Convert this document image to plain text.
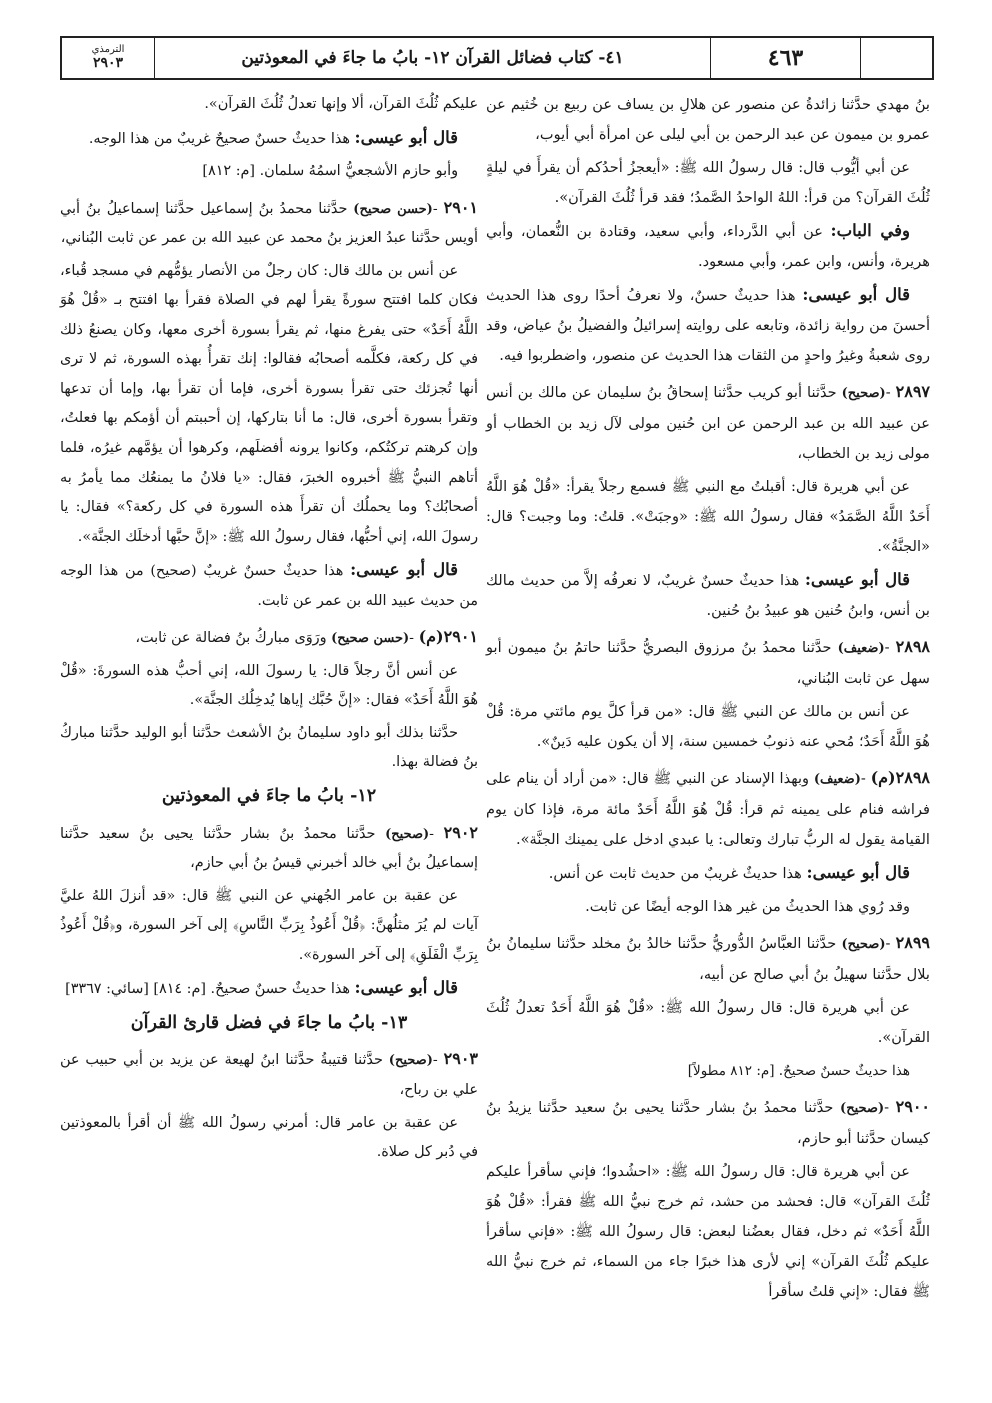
٤٦٣
٤١- كتاب فضائل القرآن ١٢- بابُ ما جاءَ في المعوذتين
الترمذي
٢٩٠٣

بنُ مهدي حدَّثنا زائدةُ عن منصور عن هلالِ بن يساف عن ربيع بن خُثيم عن عمرو بن ميمون عن عبد الرحمن بن أبي ليلى عن امرأة أبي أيوب،

عن أبي أيُّوب قال: قال رسولُ الله ﷺ: «أيعجزُ أحدُكم أن يقرأَ في ليلةٍ ثُلُثَ القرآن؟ من قرأ: اللهُ الواحدُ الصَّمدُ؛ فقد قرأ ثُلُثَ القرآن».

وفي الباب: عن أبي الدَّرداء، وأبي سعيد، وقتادة بن النُّعمان، وأبي هريرة، وأنس، وابن عمر، وأبي مسعود.

قال أبو عيسى: هذا حديثٌ حسنٌ، ولا نعرفُ أحدًا روى هذا الحديث أحسنَ من رواية زائدة، وتابعه على روايته إسرائيلُ والفضيلُ بنُ عياض، وقد روى شعبةُ وغيرُ واحدٍ من الثقات هذا الحديث عن منصور، واضطربوا فيه.

٢٨٩٧ -(صحيح) حدَّثنا أبو كريب حدَّثنا إسحاقُ بنُ سليمان عن مالك بن أنس عن عبيد الله بن عبد الرحمن عن ابن حُنين مولى لآل زيد بن الخطاب أو مولى زيد بن الخطاب،

عن أبي هريرة قال: أقبلتُ مع النبي ﷺ فسمع رجلاً يقرأ: «قُلْ هُوَ اللَّهُ أَحَدٌ اللَّهُ الصَّمَدُ» فقال رسولُ الله ﷺ: «وجبَتْ». قلتُ: وما وجبت؟ قال: «الجنَّةُ».

قال أبو عيسى: هذا حديثٌ حسنٌ غريبٌ، لا نعرفُه إلاَّ من حديث مالك بن أنس، وابنُ حُنين هو عبيدُ بنُ حُنين.

٢٨٩٨ -(ضعيف) حدَّثنا محمدُ بنُ مرزوق البصريُّ حدَّثنا حاتمُ بنُ ميمون أبو سهل عن ثابت البُناني،

عن أنس بن مالك عن النبي ﷺ قال: «من قرأ كلَّ يوم مائتي مرة: قُلْ هُوَ اللَّهُ أَحَدٌ؛ مُحي عنه ذنوبُ خمسين سنة، إلا أن يكون عليه دَينٌ».

٢٨٩٨(م) -(ضعيف) وبهذا الإسناد عن النبي ﷺ قال: «من أراد أن ينام على فراشه فنام على يمينه ثم قرأ: قُلْ هُوَ اللَّهُ أَحَدٌ مائة مرة، فإذا كان يوم القيامة يقول له الربُّ تبارك وتعالى: يا عبدي ادخل على يمينك الجنَّة».

قال أبو عيسى: هذا حديثٌ غريبٌ من حديث ثابت عن أنس.

وقد رُوي هذا الحديثُ من غير هذا الوجه أيضًا عن ثابت.

٢٨٩٩ -(صحيح) حدَّثنا العبَّاسُ الدُّوريُّ حدَّثنا خالدُ بنُ مخلد حدَّثنا سليمانُ بنُ بلال حدَّثنا سهيلُ بنُ أبي صالح عن أبيه،

عن أبي هريرة قال: قال رسولُ الله ﷺ: «قُلْ هُوَ اللَّهُ أَحَدٌ تعدلُ ثُلُثَ القرآن».

هذا حديثٌ حسنٌ صحيحٌ. [م: ٨١٢ مطولاً]

٢٩٠٠ -(صحيح) حدَّثنا محمدُ بنُ بشار حدَّثنا يحيى بنُ سعيد حدَّثنا يزيدُ بنُ كيسان حدَّثنا أبو حازم،

عن أبي هريرة قال: قال رسولُ الله ﷺ: «احشُدوا؛ فإني سأقرأ عليكم ثُلُثَ القرآن» قال: فحشد من حشد، ثم خرج نبيُّ الله ﷺ فقرأ: «قُلْ هُوَ اللَّهُ أَحَدٌ» ثم دخل، فقال بعضُنا لبعض: قال رسولُ الله ﷺ: «فإني سأقرأ عليكم ثُلُثَ القرآن» إني لأرى هذا خبرًا جاء من السماء، ثم خرج نبيُّ الله ﷺ فقال: «إني قلتُ سأقرأ

عليكم ثُلُثَ القرآن، ألا وإنها تعدلُ ثُلُثَ القرآن».

قال أبو عيسى: هذا حديثٌ حسنٌ صحيحٌ غريبٌ من هذا الوجه.

وأبو حازم الأشجعيُّ اسمُهُ سلمان. [م: ٨١٢]

٢٩٠١ -(حسن صحيح) حدَّثنا محمدُ بنُ إسماعيل حدَّثنا إسماعيلُ بنُ أبي أويس حدَّثنا عبدُ العزيز بنُ محمد عن عبيد الله بن عمر عن ثابت البُناني،

عن أنس بن مالك قال: كان رجلٌ من الأنصار يؤمُّهم في مسجد قُباء، فكان كلما افتتح سورةً يقرأ لهم في الصلاة فقرأ بها افتتح بـ «قُلْ هُوَ اللَّهُ أَحَدٌ» حتى يفرغ منها، ثم يقرأ بسورة أخرى معها، وكان يصنعُ ذلك في كل ركعة، فكلَّمه أصحابُه فقالوا: إنك تقرأُ بهذه السورة، ثم لا ترى أنها تُجزئك حتى تقرأ بسورة أخرى، فإما أن تقرأ بها، وإما أن تدعها وتقرأ بسورة أخرى، قال: ما أنا بتاركها، إن أحببتم أن أؤمكم بها فعلتُ، وإن كرهتم تركتُكم، وكانوا يرونه أفضلَهم، وكرهوا أن يؤمَّهم غيرُه، فلما أتاهم النبيُّ ﷺ أخبروه الخبرَ، فقال: «يا فلانُ ما يمنعُك مما يأمرُ به أصحابُك؟ وما يحملُك أن تقرأَ هذه السورة في كل ركعة؟» فقال: يا رسولَ الله، إني أحبُّها، فقال رسولُ الله ﷺ: «إنَّ حبَّها أدخلَك الجنَّة».

قال أبو عيسى: هذا حديثٌ حسنٌ غريبٌ (صحيح) من هذا الوجه من حديث عبيد الله بن عمر عن ثابت.

٢٩٠١(م) -(حسن صحيح) ورَوَى مباركُ بنُ فضالة عن ثابت،

عن أنس أنَّ رجلاً قال: يا رسولَ الله، إني أحبُّ هذه السورةَ: «قُلْ هُوَ اللَّهُ أَحَدٌ» فقال: «إنَّ حُبَّك إياها يُدخِلُك الجنَّة».

حدَّثنا بذلك أبو داود سليمانُ بنُ الأشعث حدَّثنا أبو الوليد حدَّثنا مباركُ بنُ فضالة بهذا.

١٢- بابُ ما جاءَ في المعوذتين

٢٩٠٢ -(صحيح) حدَّثنا محمدُ بنُ بشار حدَّثنا يحيى بنُ سعيد حدَّثنا إسماعيلُ بنُ أبي خالد أخبرني قيسُ بنُ أبي حازم،

عن عقبة بن عامر الجُهني عن النبي ﷺ قال: «قد أنزلَ اللهُ عليَّ آيات لم يُرَ مثلُهنَّ: ﴿قُلْ أَعُوذُ بِرَبِّ النَّاسِ﴾ إلى آخر السورة، و﴿قُلْ أَعُوذُ بِرَبِّ الْفَلَقِ﴾ إلى آخر السورة».

قال أبو عيسى: هذا حديثٌ حسنٌ صحيحٌ. [م: ٨١٤] [سائي: ٣٣٦٧]

١٣- بابُ ما جاءَ في فضل قارئ القرآن

٢٩٠٣ -(صحيح) حدَّثنا قتيبةُ حدَّثنا ابنُ لهيعة عن يزيد بن أبي حبيب عن علي بن رباح،

عن عقبة بن عامر قال: أمرني رسولُ الله ﷺ أن أقرأ بالمعوذتين في دُبر كل صلاة.
